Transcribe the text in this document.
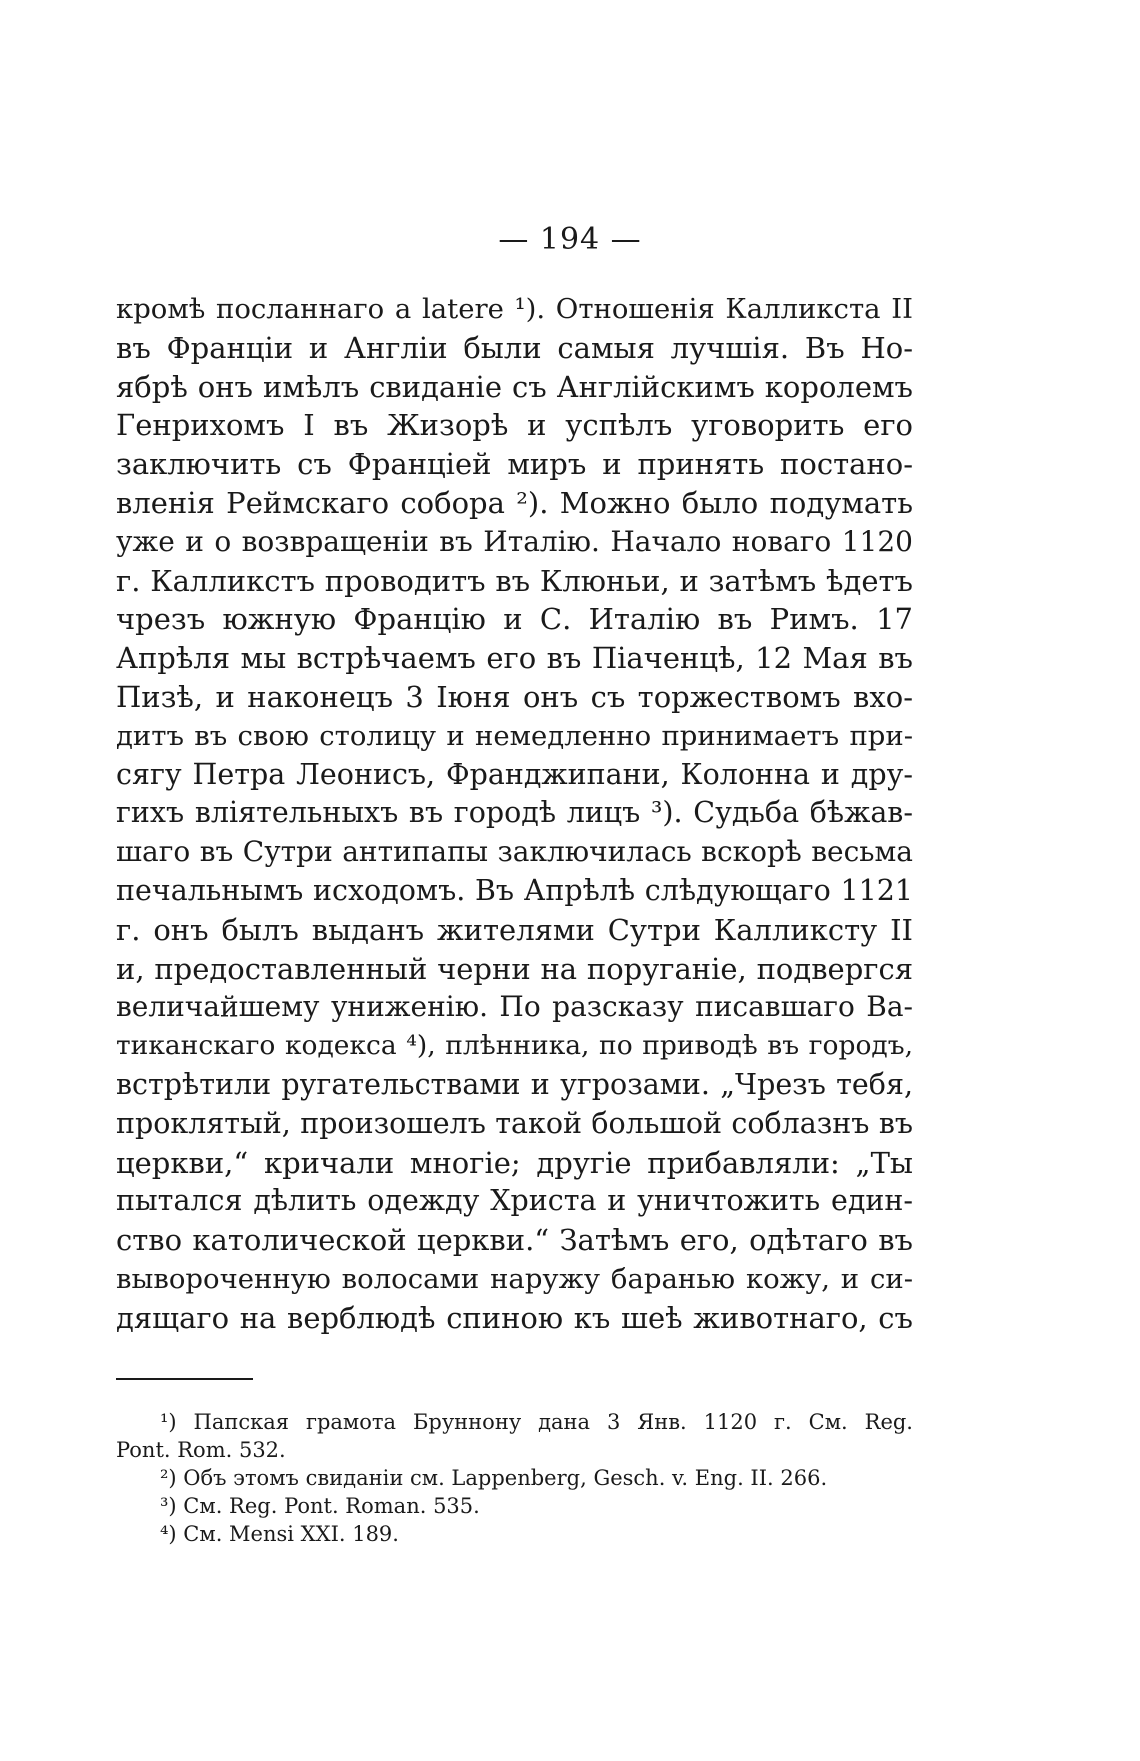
— 194 —
кромѣ посланнаго a latere ¹). Отношенія Калликста II
въ Франціи и Англіи были самыя лучшія. Въ Но-
ябрѣ онъ имѣлъ свиданіе съ Англійскимъ королемъ
Генрихомъ I въ Жизорѣ и успѣлъ уговорить его
заключить съ Франціей миръ и принять постано-
вленія Реймскаго собора ²). Можно было подумать
уже и о возвращеніи въ Италію. Начало новаго 1120
г. Калликстъ проводитъ въ Клюньи, и затѣмъ ѣдетъ
чрезъ южную Францію и С. Италію въ Римъ. 17
Апрѣля мы встрѣчаемъ его въ Піаченцѣ, 12 Мая въ
Пизѣ, и наконецъ 3 Іюня онъ съ торжествомъ вхо-
дитъ въ свою столицу и немедленно принимаетъ при-
сягу Петра Леонисъ, Франджипани, Колонна и дру-
гихъ вліятельныхъ въ городѣ лицъ ³). Судьба бѣжав-
шаго въ Сутри антипапы заключилась вскорѣ весьма
печальнымъ исходомъ. Въ Апрѣлѣ слѣдующаго 1121
г. онъ былъ выданъ жителями Сутри Калликсту II
и, предоставленный черни на поруганіе, подвергся
величайшему униженію. По разсказу писавшаго Ва-
тиканскаго кодекса ⁴), плѣнника, по приводѣ въ городъ,
встрѣтили ругательствами и угрозами. „Чрезъ тебя,
проклятый, произошелъ такой большой соблазнъ въ
церкви,“ кричали многіе; другіе прибавляли: „Ты
пытался дѣлить одежду Христа и уничтожить един-
ство католической церкви.“ Затѣмъ его, одѣтаго въ
вывороченную волосами наружу баранью кожу, и си-
дящаго на верблюдѣ спиною къ шеѣ животнаго, съ
¹) Папская грамота Бруннону дана 3 Янв. 1120 г. См. Reg.
Pont. Rom. 532.
²) Объ этомъ свиданіи см. Lappenberg, Gesch. v. Eng. II. 266.
³) См. Reg. Pont. Roman. 535.
⁴) См. Mensi XXI. 189.
